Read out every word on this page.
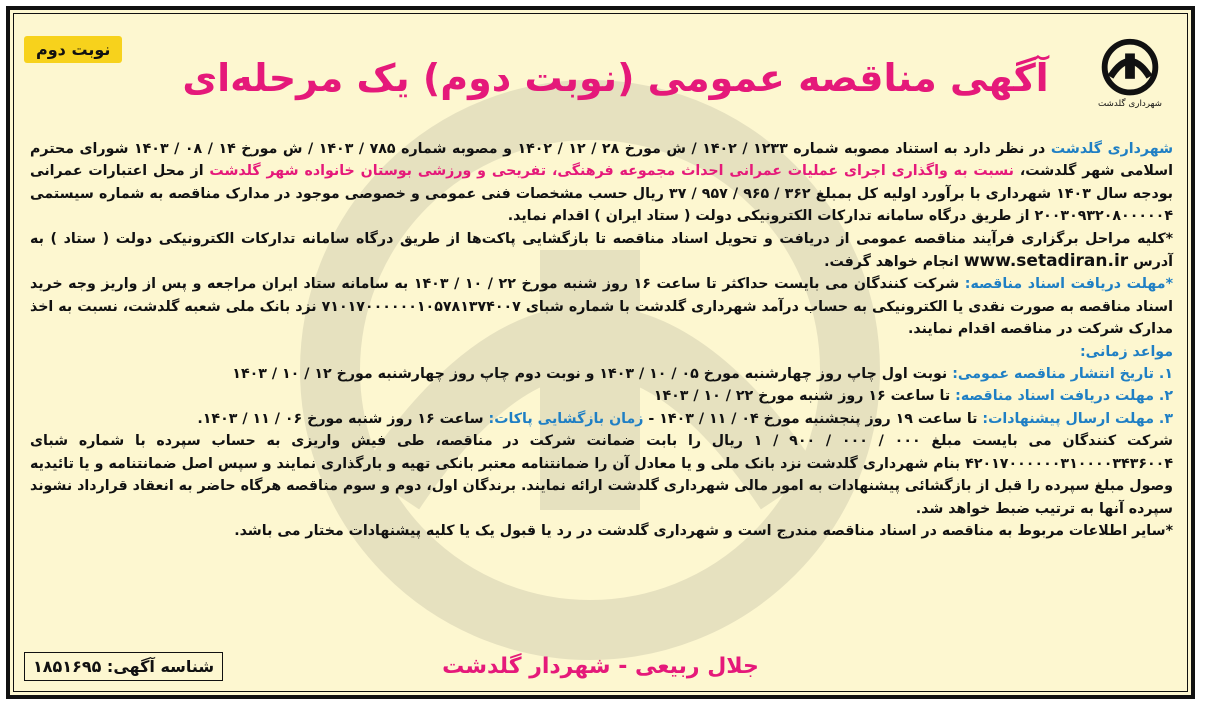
نوبت دوم
شهرداری گلدشت
آگهی مناقصه عمومی (نوبت دوم) یک مرحله‌ای

شهرداری گلدشت در نظر دارد به استناد مصوبه شماره ۱۲۳۳ / ۱۴۰۲ / ش مورخ ۲۸ / ۱۲ / ۱۴۰۲ و مصوبه شماره ۷۸۵ / ۱۴۰۳ / ش مورخ ۱۴ / ۰۸ / ۱۴۰۳ شورای محترم اسلامی شهر گلدشت، نسبت به واگذاری اجرای عملیات عمرانی احداث مجموعه فرهنگی، تفریحی و ورزشی بوستان خانواده شهر گلدشت از محل اعتبارات عمرانی بودجه سال ۱۴۰۳ شهرداری با برآورد اولیه کل بمبلغ ۳۶۲ / ۹۶۵ / ۹۵۷ / ۳۷ ریال حسب مشخصات فنی عمومی و خصوصی موجود در مدارک مناقصه به شماره سیستمی ۲۰۰۳۰۹۳۲۰۸۰۰۰۰۰۴ از طریق درگاه سامانه تدارکات الکترونیکی دولت ( ستاد ایران ) اقدام نماید.

*کلیه مراحل برگزاری فرآیند مناقصه عمومی از دریافت و تحویل اسناد مناقصه تا بازگشایی پاکت‌ها از طریق درگاه سامانه تدارکات الکترونیکی دولت ( ستاد ) به آدرس www.setadiran.ir انجام خواهد گرفت.

*مهلت دریافت اسناد مناقصه: شرکت کنندگان می بایست حداکثر تا ساعت ۱۶ روز شنبه مورخ ۲۲ / ۱۰ / ۱۴۰۳ به سامانه ستاد ایران مراجعه و پس از واریز وجه خرید اسناد مناقصه به صورت نقدی یا الکترونیکی به حساب درآمد شهرداری گلدشت با شماره شبای ۷۱۰۱۷۰۰۰۰۰۰۱۰۵۷۸۱۳۷۴۰۰۷ نزد بانک ملی شعبه گلدشت، نسبت به اخذ مدارک شرکت در مناقصه اقدام نمایند.

مواعد زمانی:

۱. تاریخ انتشار مناقصه عمومی: نوبت اول چاپ روز چهارشنبه مورخ ۰۵ / ۱۰ / ۱۴۰۳ و نوبت دوم چاپ روز چهارشنبه مورخ ۱۲ / ۱۰ / ۱۴۰۳

۲. مهلت دریافت اسناد مناقصه: تا ساعت ۱۶ روز شنبه مورخ ۲۲ / ۱۰ / ۱۴۰۳

۳. مهلت ارسال پیشنهادات: تا ساعت ۱۹ روز پنجشنبه مورخ ۰۴ / ۱۱ / ۱۴۰۳ - زمان بازگشایی پاکات: ساعت ۱۶ روز شنبه مورخ ۰۶ / ۱۱ / ۱۴۰۳.

شرکت کنندگان می بایست مبلغ ۰۰۰ / ۰۰۰ / ۹۰۰ / ۱ ریال را بابت ضمانت شرکت در مناقصه، طی فیش واریزی به حساب سپرده با شماره شبای ۴۲۰۱۷۰۰۰۰۰۰۳۱۰۰۰۰۳۴۳۶۰۰۴ بنام شهرداری گلدشت نزد بانک ملی و یا معادل آن را ضمانتنامه معتبر بانکی تهیه و بارگذاری نمایند و سپس اصل ضمانتنامه و یا تائیدیه وصول مبلغ سپرده را قبل از بازگشائی پیشنهادات به امور مالی شهرداری گلدشت ارائه نمایند. برندگان اول، دوم و سوم مناقصه هرگاه حاضر به انعقاد قرارداد نشوند سپرده آنها به ترتیب ضبط خواهد شد.

*سایر اطلاعات مربوط به مناقصه در اسناد مناقصه مندرج است و شهرداری گلدشت در رد یا قبول یک یا کلیه پیشنهادات مختار می باشد.

جلال ربیعی - شهردار گلدشت
شناسه آگهی: ۱۸۵۱۶۹۵
